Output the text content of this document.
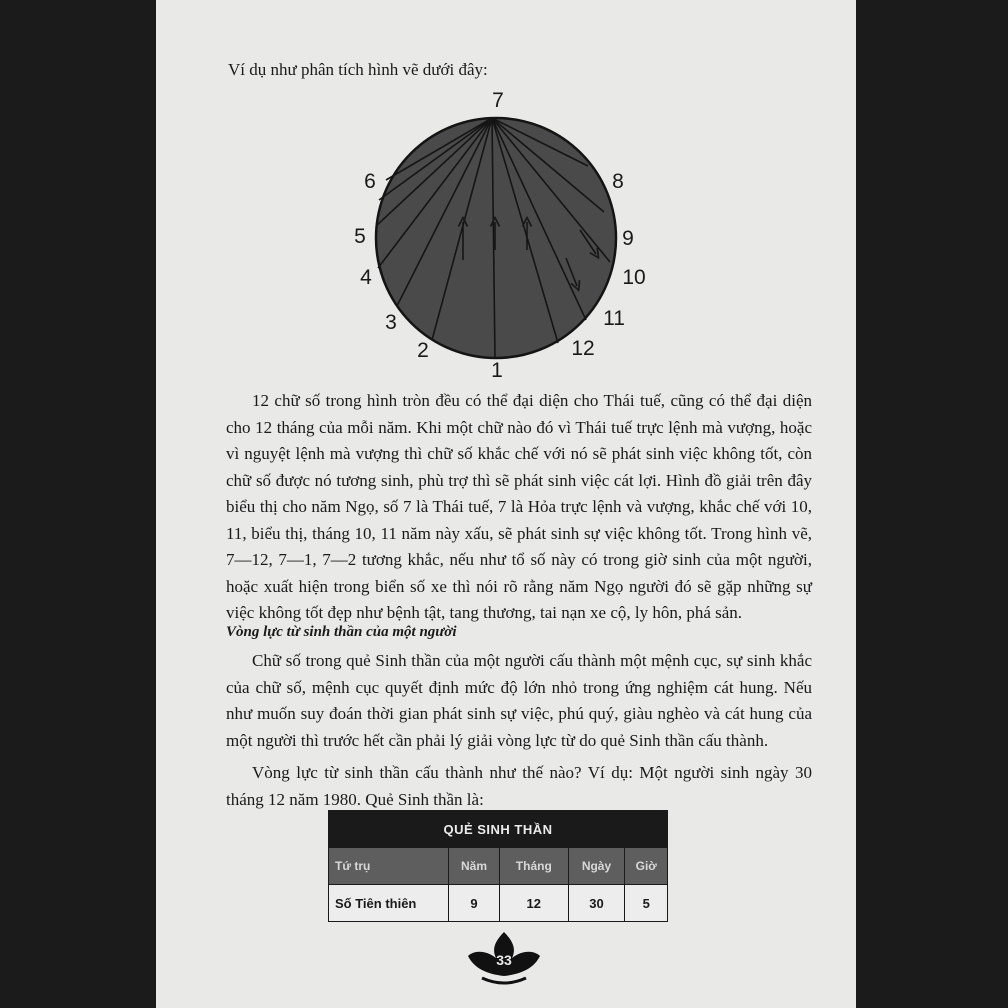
Ví dụ như phân tích hình vẽ dưới đây:

7
8
9
10
11
12
1
2
3
4
5
6

12 chữ số trong hình tròn đều có thể đại diện cho Thái tuế, cũng có thể đại diện cho 12 tháng của mỗi năm. Khi một chữ nào đó vì Thái tuế trực lệnh mà vượng, hoặc vì nguyệt lệnh mà vượng thì chữ số khắc chế với nó sẽ phát sinh việc không tốt, còn chữ số được nó tương sinh, phù trợ thì sẽ phát sinh việc cát lợi. Hình đồ giải trên đây biểu thị cho năm Ngọ, số 7 là Thái tuế, 7 là Hỏa trực lệnh và vượng, khắc chế với 10, 11, biểu thị, tháng 10, 11 năm này xấu, sẽ phát sinh sự việc không tốt. Trong hình vẽ, 7—12, 7—1, 7—2 tương khắc, nếu như tổ số này có trong giờ sinh của một người, hoặc xuất hiện trong biển số xe thì nói rõ rằng năm Ngọ người đó sẽ gặp những sự việc không tốt đẹp như bệnh tật, tang thương, tai nạn xe cộ, ly hôn, phá sản.

Vòng lực từ sinh thần của một người

Chữ số trong quẻ Sinh thần của một người cấu thành một mệnh cục, sự sinh khắc của chữ số, mệnh cục quyết định mức độ lớn nhỏ trong ứng nghiệm cát hung. Nếu như muốn suy đoán thời gian phát sinh sự việc, phú quý, giàu nghèo và cát hung của một người thì trước hết cần phải lý giải vòng lực từ do quẻ Sinh thần cấu thành.

Vòng lực từ sinh thần cấu thành như thế nào? Ví dụ: Một người sinh ngày 30 tháng 12 năm 1980. Quẻ Sinh thần là:

QUẺ SINH THẦN				
Tứ trụ	Năm	Tháng	Ngày	Giờ
Số Tiên thiên	9	12	30	5
33
